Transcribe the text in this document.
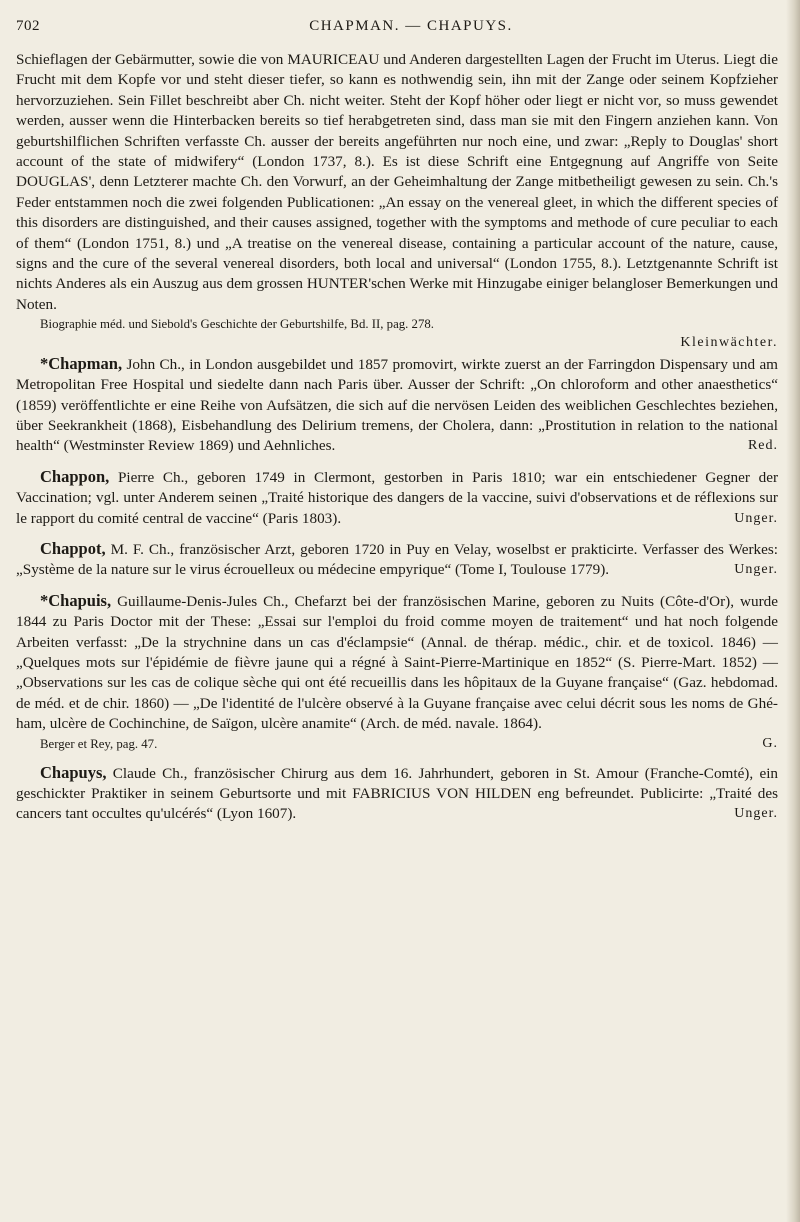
702	CHAPMAN. — CHAPUYS.

Schieflagen der Gebärmutter, sowie die von MAURICEAU und Anderen dargestellten Lagen der Frucht im Uterus. Liegt die Frucht mit dem Kopfe vor und steht dieser tiefer, so kann es nothwendig sein, ihn mit der Zange oder seinem Kopfzieher hervorzuziehen. Sein Fillet beschreibt aber Ch. nicht weiter. Steht der Kopf höher oder liegt er nicht vor, so muss gewendet werden, ausser wenn die Hinterbacken bereits so tief herabgetreten sind, dass man sie mit den Fingern anziehen kann. Von geburtshilflichen Schriften verfasste Ch. ausser der bereits angeführten nur noch eine, und zwar: „Reply to Douglas' short account of the state of midwifery“ (London 1737, 8.). Es ist diese Schrift eine Entgegnung auf Angriffe von Seite DOUGLAS', denn Letzterer machte Ch. den Vorwurf, an der Geheimhaltung der Zange mitbetheiligt gewesen zu sein. Ch.'s Feder entstammen noch die zwei folgenden Publicationen: „An essay on the venereal gleet, in which the different species of this disorders are distinguished, and their causes assigned, together with the symptoms and methode of cure peculiar to each of them“ (London 1751, 8.) und „A treatise on the venereal disease, containing a particular account of the nature, cause, signs and the cure of the several venereal disorders, both local and universal“ (London 1755, 8.). Letztgenannte Schrift ist nichts Anderes als ein Auszug aus dem grossen HUNTER'schen Werke mit Hinzugabe einiger belangloser Bemerkungen und Noten.

Biographie méd. und Siebold's Geschichte der Geburtshilfe, Bd. II, pag. 278.

Kleinwächter.

*Chapman, John Ch., in London ausgebildet und 1857 promovirt, wirkte zuerst an der Farringdon Dispensary und am Metropolitan Free Hospital und siedelte dann nach Paris über. Ausser der Schrift: „On chloroform and other anaesthetics“ (1859) veröffentlichte er eine Reihe von Aufsätzen, die sich auf die nervösen Leiden des weiblichen Geschlechtes beziehen, über Seekrankheit (1868), Eisbehandlung des Delirium tremens, der Cholera, dann: „Prostitution in relation to the national health“ (Westminster Review 1869) und Aehnliches.	Red.

Chappon, Pierre Ch., geboren 1749 in Clermont, gestorben in Paris 1810; war ein entschiedener Gegner der Vaccination; vgl. unter Anderem seinen „Traité historique des dangers de la vaccine, suivi d'observations et de réflexions sur le rapport du comité central de vaccine“ (Paris 1803).	Unger.

Chappot, M. F. Ch., französischer Arzt, geboren 1720 in Puy en Velay, woselbst er prakticirte. Verfasser des Werkes: „Système de la nature sur le virus écrouelleux ou médecine empyrique“ (Tome I, Toulouse 1779).	Unger.

*Chapuis, Guillaume-Denis-Jules Ch., Chefarzt bei der französischen Marine, geboren zu Nuits (Côte-d'Or), wurde 1844 zu Paris Doctor mit der These: „Essai sur l'emploi du froid comme moyen de traitement“ und hat noch folgende Arbeiten verfasst: „De la strychnine dans un cas d'éclampsie“ (Annal. de thérap. médic., chir. et de toxicol. 1846) — „Quelques mots sur l'épidémie de fièvre jaune qui a régné à Saint-Pierre-Martinique en 1852“ (S. Pierre-Mart. 1852) — „Observations sur les cas de colique sèche qui ont été recueillis dans les hôpitaux de la Guyane française“ (Gaz. hebdomad. de méd. et de chir. 1860) — „De l'identité de l'ulcère observé à la Guyane française avec celui décrit sous les noms de Ghé-ham, ulcère de Cochinchine, de Saïgon, ulcère anamite“ (Arch. de méd. navale. 1864).

Berger et Rey, pag. 47.	G.

Chapuys, Claude Ch., französischer Chirurg aus dem 16. Jahrhundert, geboren in St. Amour (Franche-Comté), ein geschickter Praktiker in seinem Geburtsorte und mit FABRICIUS VON HILDEN eng befreundet. Publicirte: „Traité des cancers tant occultes qu'ulcérés“ (Lyon 1607).	Unger.
